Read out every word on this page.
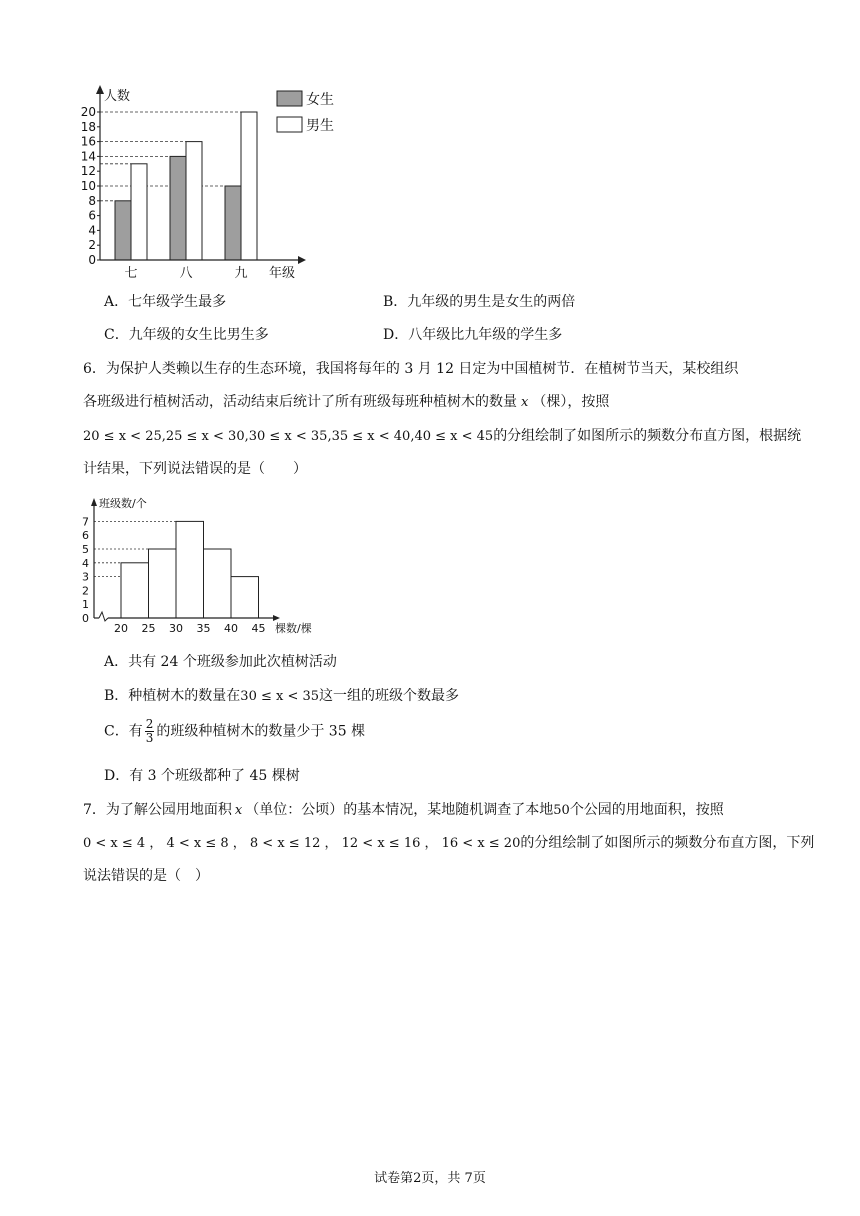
0
2
4
6
8
10
12
14
16
18
20
人数
七	八	九 年级
女生
男生
A．七年级学生最多	B．九年级的男生是女生的两倍
C．九年级的女生比男生多	D．八年级比九年级的学生多
6．为保护人类赖以生存的生态环境，我国将每年的 3 月 12 日定为中国植树节．在植树节当天，某校组织
各班级进行植树活动，活动结束后统计了所有班级每班种植树木的数量 x （棵），按照
20 ≤ x < 25,25 ≤ x < 30,30 ≤ x < 35,35 ≤ x < 40,40 ≤ x < 45的分组绘制了如图所示的频数分布直方图，根据统
计结果，下列说法错误的是（　　）
0
1
2
3
4
5
6
7
班级数/个
20 25 30 35 40 45 棵数/棵
A．共有 24 个班级参加此次植树活动
B．种植树木的数量在30 ≤ x < 35这一组的班级个数最多
C．有 $\frac{2}{3}$ 的班级种植树木的数量少于 35 棵
D．有 3 个班级都种了 45 棵树
7．为了解公园用地面积 x （单位：公顷）的基本情况，某地随机调查了本地50个公园的用地面积，按照
0 < x ≤ 4 ， 4 < x ≤ 8 ， 8 < x ≤ 12 ， 12 < x ≤ 16 ， 16 < x ≤ 20的分组绘制了如图所示的频数分布直方图，下列
说法错误的是（　）
试卷第2页，共 7页
